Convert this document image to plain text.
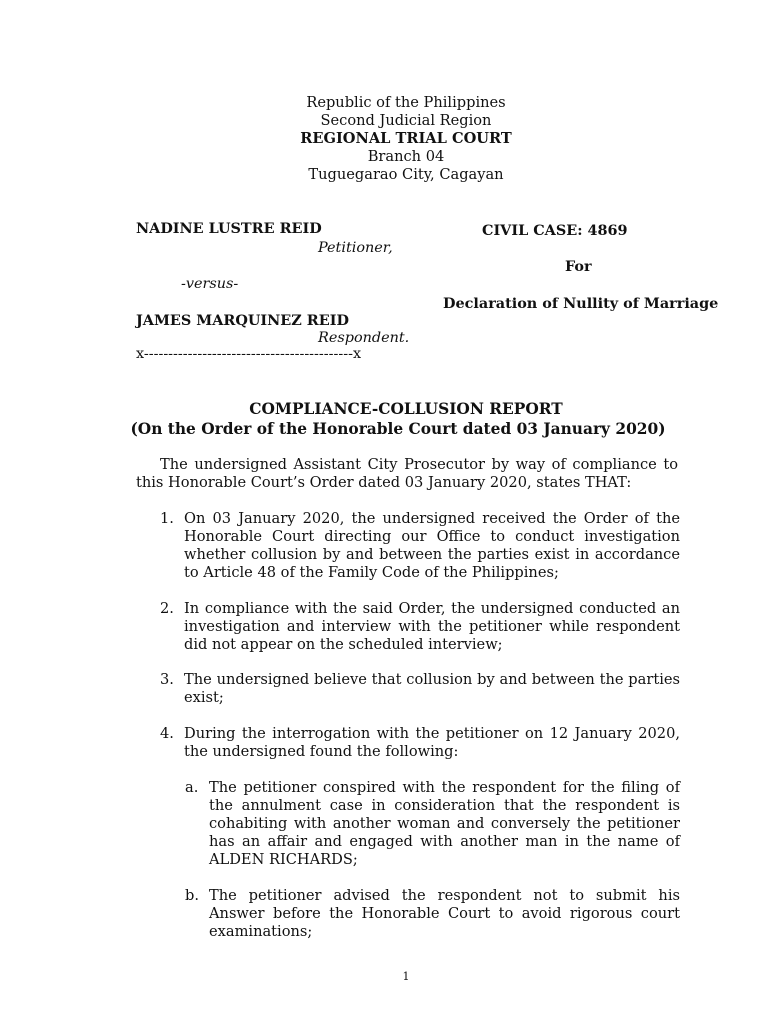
Republic of the Philippines
Second Judicial Region
REGIONAL TRIAL COURT
Branch 04
Tuguegarao City, Cagayan
NADINE LUSTRE REID
Petitioner,
-versus-
JAMES MARQUINEZ REID
Respondent.
x-------------------------------------------x
CIVIL CASE: 4869
For
Declaration of Nullity of Marriage
COMPLIANCE-COLLUSION REPORT
(On the Order of the Honorable Court dated 03 January 2020)
The undersigned Assistant City Prosecutor by way of compliance to
this Honorable Court’s Order dated 03 January 2020, states THAT:
1. On 03 January 2020, the undersigned received the Order of the
Honorable Court directing our Office to conduct investigation
whether collusion by and between the parties exist in accordance
to Article 48 of the Family Code of the Philippines;
2. In compliance with the said Order, the undersigned conducted an
investigation and interview with the petitioner while respondent
did not appear on the scheduled interview;
3. The undersigned believe that collusion by and between the parties
exist;
4. During the interrogation with the petitioner on 12 January 2020,
the undersigned found the following:
a. The petitioner conspired with the respondent for the filing of
the annulment case in consideration that the respondent is
cohabiting with another woman and conversely the petitioner
has an affair and engaged with another man in the name of
ALDEN RICHARDS;
b. The petitioner advised the respondent not to submit his
Answer before the Honorable Court to avoid rigorous court
examinations;
1
